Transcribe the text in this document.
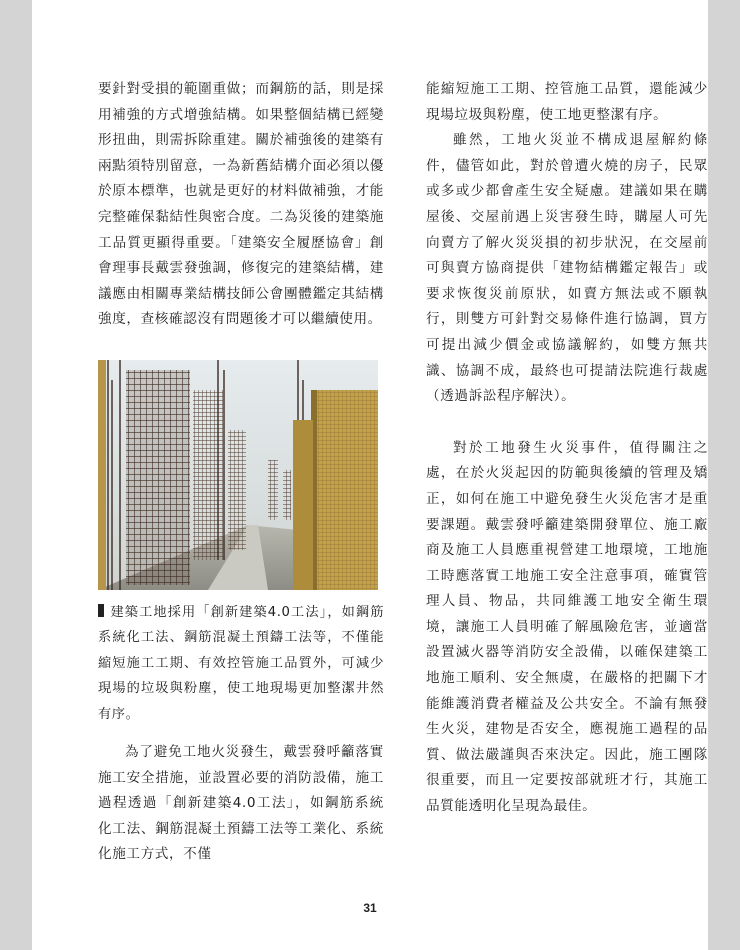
要針對受損的範圍重做；而鋼筋的話，則是採用補強的方式增強結構。如果整個結構已經變形扭曲，則需拆除重建。關於補強後的建築有兩點須特別留意，一為新舊結構介面必須以優於原本標準，也就是更好的材料做補強，才能完整確保黏結性與密合度。二為災後的建築施工品質更顯得重要。「建築安全履歷協會」創會理事長戴雲發強調，修復完的建築結構，建議應由相關專業結構技師公會團體鑑定其結構強度，查核確認沒有問題後才可以繼續使用。

建築工地採用「創新建築4.0工法」，如鋼筋系統化工法、鋼筋混凝土預鑄工法等，不僅能縮短施工工期、有效控管施工品質外，可減少現場的垃圾與粉塵，使工地現場更加整潔井然有序。

為了避免工地火災發生，戴雲發呼籲落實施工安全措施，並設置必要的消防設備，施工過程透過「創新建築4.0工法」，如鋼筋系統化工法、鋼筋混凝土預鑄工法等工業化、系統化施工方式，不僅

能縮短施工工期、控管施工品質，還能減少現場垃圾與粉塵，使工地更整潔有序。

雖然，工地火災並不構成退屋解約條件，儘管如此，對於曾遭火燒的房子，民眾或多或少都會產生安全疑慮。建議如果在購屋後、交屋前遇上災害發生時，購屋人可先向賣方了解火災災損的初步狀況，在交屋前可與賣方協商提供「建物結構鑑定報告」或要求恢復災前原狀，如賣方無法或不願執行，則雙方可針對交易條件進行協調，買方可提出減少價金或協議解約，如雙方無共識、協調不成，最終也可提請法院進行裁處（透過訴訟程序解決）。

對於工地發生火災事件，值得關注之處，在於火災起因的防範與後續的管理及矯正，如何在施工中避免發生火災危害才是重要課題。戴雲發呼籲建築開發單位、施工廠商及施工人員應重視營建工地環境，工地施工時應落實工地施工安全注意事項，確實管理人員、物品，共同維護工地安全衛生環境，讓施工人員明確了解風險危害，並適當設置滅火器等消防安全設備，以確保建築工地施工順利、安全無虞，在嚴格的把關下才能維護消費者權益及公共安全。不論有無發生火災，建物是否安全，應視施工過程的品質、做法嚴謹與否來決定。因此，施工團隊很重要，而且一定要按部就班才行，其施工品質能透明化呈現為最佳。

31
